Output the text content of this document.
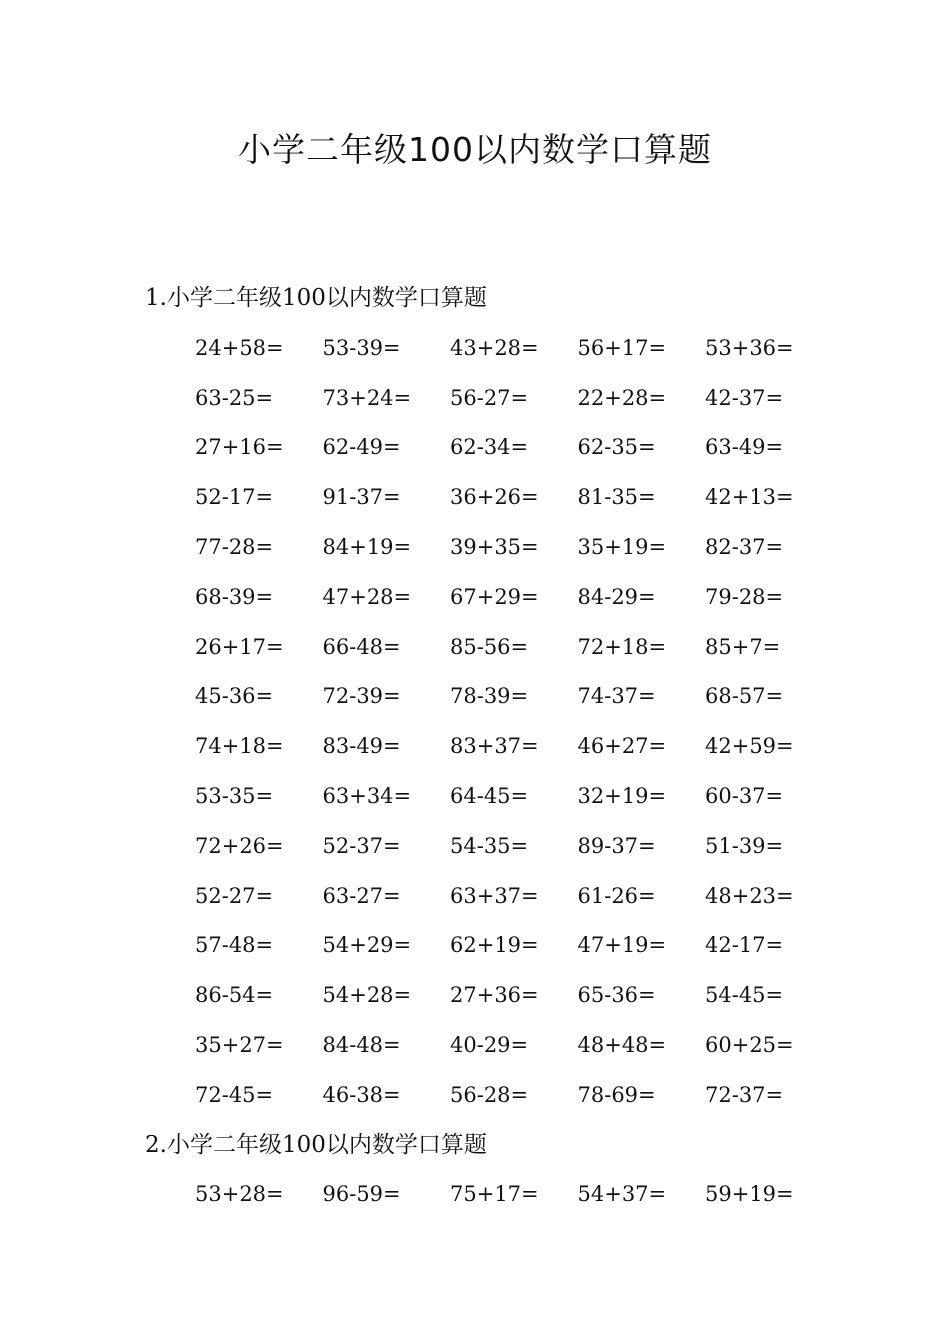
小学二年级100以内数学口算题
1.小学二年级100以内数学口算题
24+58= 53-39= 43+28= 56+17= 53+36=
63-25= 73+24= 56-27= 22+28= 42-37=
27+16= 62-49= 62-34= 62-35= 63-49=
52-17= 91-37= 36+26= 81-35= 42+13=
77-28= 84+19= 39+35= 35+19= 82-37=
68-39= 47+28= 67+29= 84-29= 79-28=
26+17= 66-48= 85-56= 72+18= 85+7=
45-36= 72-39= 78-39= 74-37= 68-57=
74+18= 83-49= 83+37= 46+27= 42+59=
53-35= 63+34= 64-45= 32+19= 60-37=
72+26= 52-37= 54-35= 89-37= 51-39=
52-27= 63-27= 63+37= 61-26= 48+23=
57-48= 54+29= 62+19= 47+19= 42-17=
86-54= 54+28= 27+36= 65-36= 54-45=
35+27= 84-48= 40-29= 48+48= 60+25=
72-45= 46-38= 56-28= 78-69= 72-37=
2.小学二年级100以内数学口算题
53+28= 96-59= 75+17= 54+37= 59+19=
